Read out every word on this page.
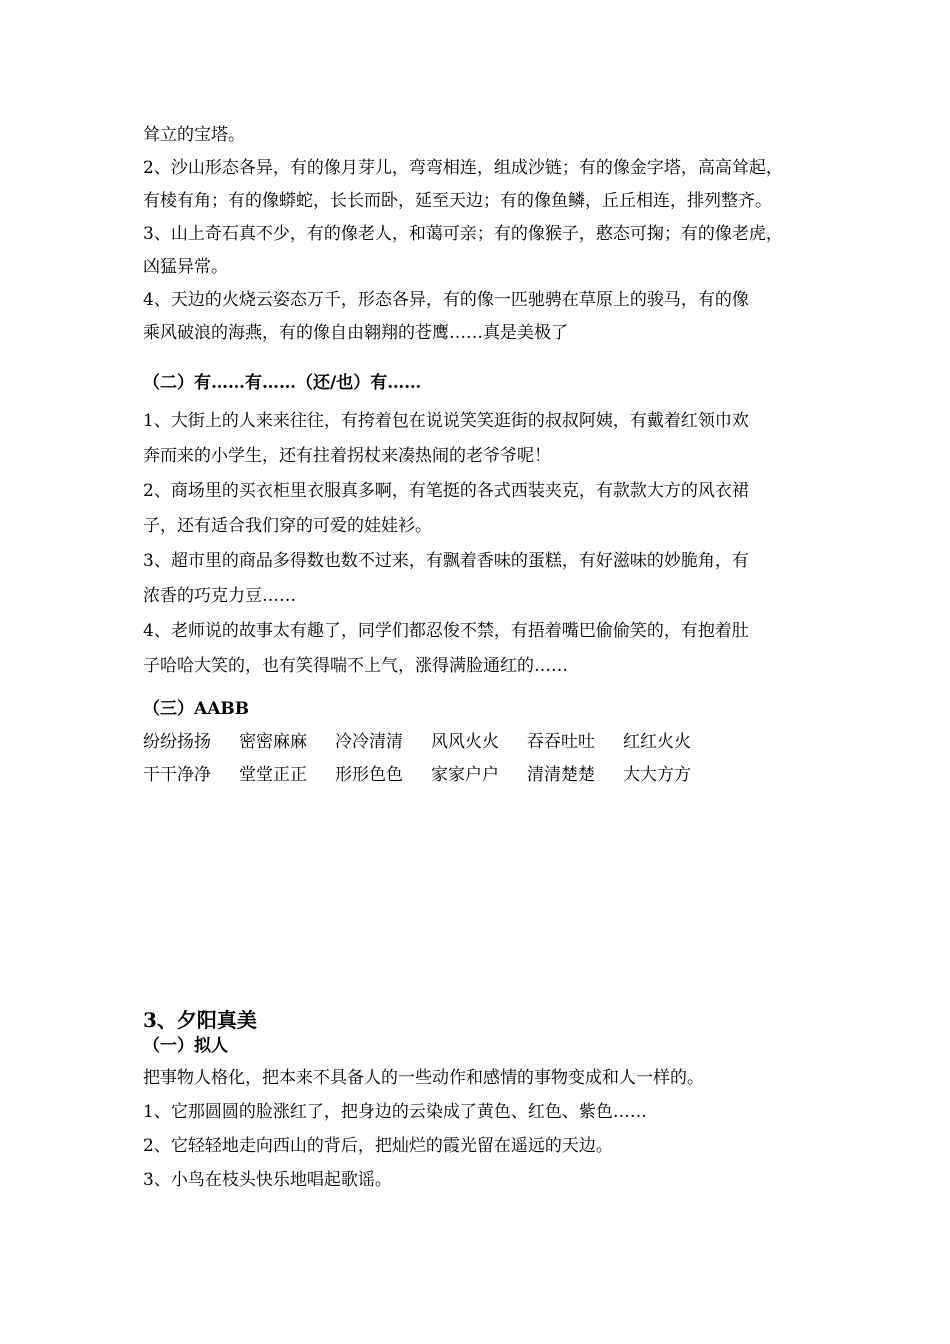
耸立的宝塔。

2、沙山形态各异，有的像月芽儿，弯弯相连，组成沙链；有的像金字塔，高高耸起，

有棱有角；有的像蟒蛇，长长而卧，延至天边；有的像鱼鳞，丘丘相连，排列整齐。

3、山上奇石真不少，有的像老人，和蔼可亲；有的像猴子，憨态可掬；有的像老虎，

凶猛异常。

4、天边的火烧云姿态万千，形态各异，有的像一匹驰骋在草原上的骏马，有的像

乘风破浪的海燕，有的像自由翱翔的苍鹰……真是美极了

（二）有……有……（还/也）有……

1、大街上的人来来往往，有挎着包在说说笑笑逛街的叔叔阿姨，有戴着红领巾欢

奔而来的小学生，还有拄着拐杖来凑热闹的老爷爷呢！

2、商场里的买衣柜里衣服真多啊，有笔挺的各式西装夹克，有款款大方的风衣裙

子，还有适合我们穿的可爱的娃娃衫。

3、超市里的商品多得数也数不过来，有飘着香味的蛋糕，有好滋味的妙脆角，有

浓香的巧克力豆……

4、老师说的故事太有趣了，同学们都忍俊不禁，有捂着嘴巴偷偷笑的，有抱着肚

子哈哈大笑的，也有笑得喘不上气，涨得满脸通红的……

（三）AABB

纷纷扬扬	密密麻麻	冷冷清清	风风火火	吞吞吐吐	红红火火
干干净净	堂堂正正	形形色色	家家户户	清清楚楚	大大方方

3、夕阳真美

（一）拟人

把事物人格化，把本来不具备人的一些动作和感情的事物变成和人一样的。

1、它那圆圆的脸涨红了，把身边的云染成了黄色、红色、紫色……

2、它轻轻地走向西山的背后，把灿烂的霞光留在遥远的天边。

3、小鸟在枝头快乐地唱起歌谣。
